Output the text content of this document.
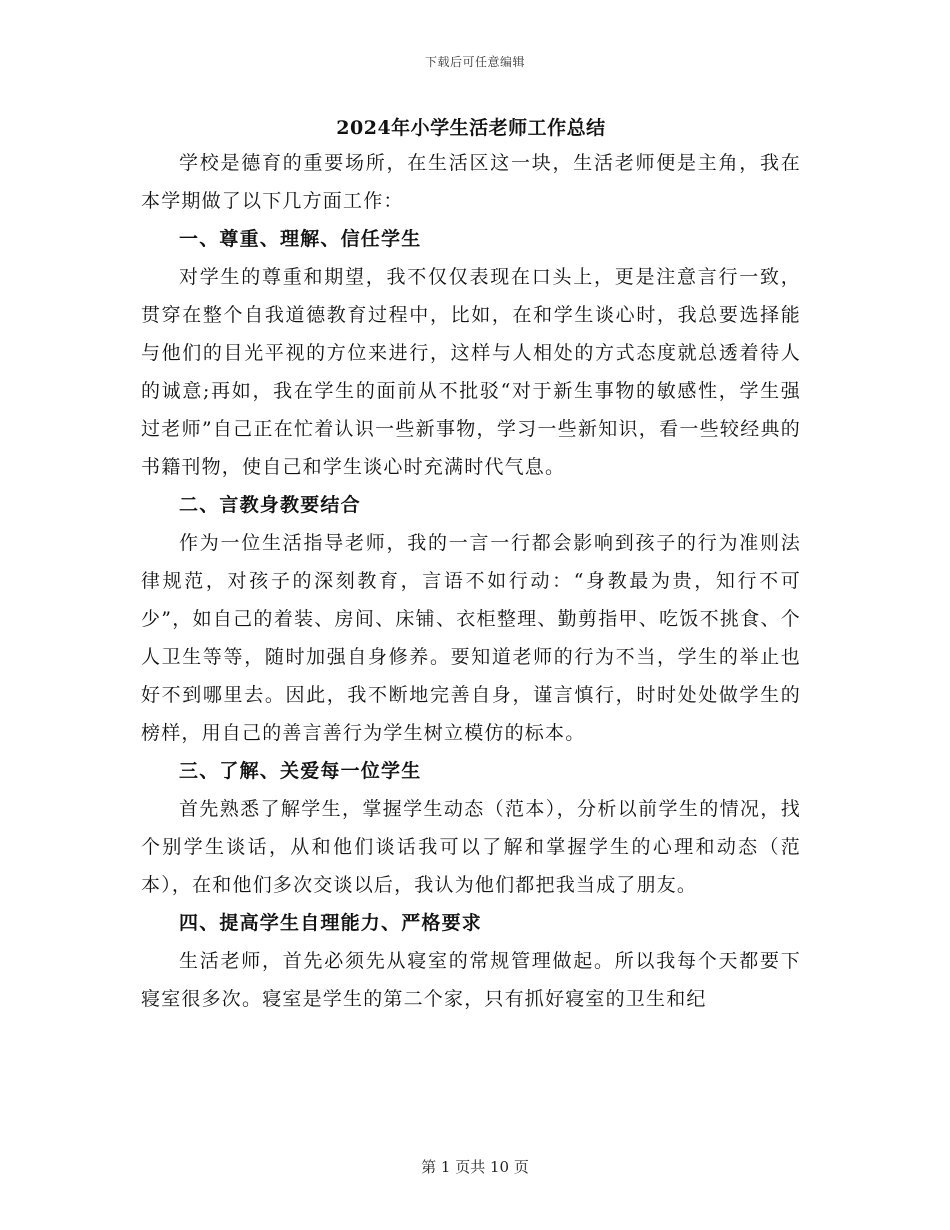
下载后可任意编辑
2024年小学生活老师工作总结

学校是德育的重要场所，在生活区这一块，生活老师便是主角，我在本学期做了以下几方面工作：

一、尊重、理解、信任学生

对学生的尊重和期望，我不仅仅表现在口头上，更是注意言行一致，贯穿在整个自我道德教育过程中，比如，在和学生谈心时，我总要选择能与他们的目光平视的方位来进行，这样与人相处的方式态度就总透着待人的诚意;再如，我在学生的面前从不批驳“对于新生事物的敏感性，学生强过老师”自己正在忙着认识一些新事物，学习一些新知识，看一些较经典的书籍刊物，使自己和学生谈心时充满时代气息。

二、言教身教要结合

作为一位生活指导老师，我的一言一行都会影响到孩子的行为准则法律规范，对孩子的深刻教育，言语不如行动：“身教最为贵，知行不可少”，如自己的着装、房间、床铺、衣柜整理、勤剪指甲、吃饭不挑食、个人卫生等等，随时加强自身修养。要知道老师的行为不当，学生的举止也好不到哪里去。因此，我不断地完善自身，谨言慎行，时时处处做学生的榜样，用自己的善言善行为学生树立模仿的标本。

三、了解、关爱每一位学生

首先熟悉了解学生，掌握学生动态（范本），分析以前学生的情况，找个别学生谈话，从和他们谈话我可以了解和掌握学生的心理和动态（范本），在和他们多次交谈以后，我认为他们都把我当成了朋友。

四、提高学生自理能力、严格要求

生活老师，首先必须先从寝室的常规管理做起。所以我每个天都要下寝室很多次。寝室是学生的第二个家，只有抓好寝室的卫生和纪

第 1 页共 10 页
